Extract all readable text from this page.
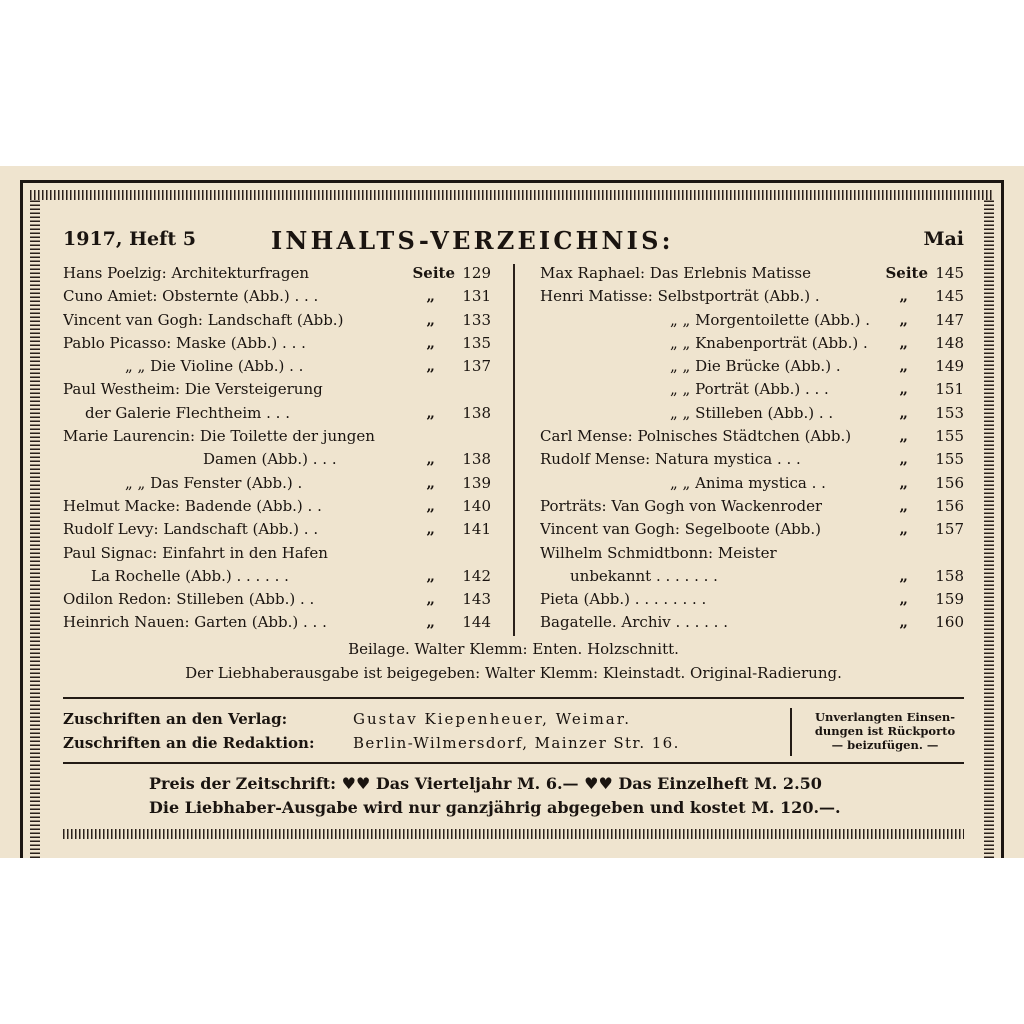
1917, Heft 5	INHALTS-VERZEICHNIS:	Mai
Hans Poelzig: Architekturfragen	Seite 129
Cuno Amiet: Obsternte (Abb.) . . .	„ 131
Vincent van Gogh: Landschaft (Abb.)	„ 133
Pablo Picasso: Maske (Abb.) . . .	„ 135
„ „ Die Violine (Abb.) . .	„ 137
Paul Westheim: Die Versteigerung
der Galerie Flechtheim . . .	„ 138
Marie Laurencin: Die Toilette der jungen
Damen (Abb.) . . .	„ 138
„ „ Das Fenster (Abb.) .	„ 139
Helmut Macke: Badende (Abb.) . .	„ 140
Rudolf Levy: Landschaft (Abb.) . .	„ 141
Paul Signac: Einfahrt in den Hafen
La Rochelle (Abb.) . . . . . .	„ 142
Odilon Redon: Stilleben (Abb.) . .	„ 143
Heinrich Nauen: Garten (Abb.) . . .	„ 144
Max Raphael: Das Erlebnis Matisse	Seite 145
Henri Matisse: Selbstporträt (Abb.) .	„ 145
„ „ Morgentoilette (Abb.) . „ 147
„ „ Knabenporträt (Abb.) . „ 148
„ „ Die Brücke (Abb.) .	„ 149
„ „ Porträt (Abb.) . . .	„ 151
„ „ Stilleben (Abb.) . .	„ 153
Carl Mense: Polnisches Städtchen (Abb.)	„ 155
Rudolf Mense: Natura mystica . . .	„ 155
„ „ Anima mystica . .	„ 156
Porträts: Van Gogh von Wackenroder	„ 156
Vincent van Gogh: Segelboote (Abb.)	„ 157
Wilhelm Schmidtbonn: Meister
unbekannt . . . . . . .	„ 158
Pieta (Abb.) . . . . . . . .	„ 159
Bagatelle. Archiv . . . . . .	„ 160
Beilage. Walter Klemm: Enten. Holzschnitt.
Der Liebhaberausgabe ist beigegeben: Walter Klemm: Kleinstadt. Original-Radierung.
Zuschriften an den Verlag:	Gustav Kiepenheuer, Weimar.
Zuschriften an die Redaktion:	Berlin-Wilmersdorf, Mainzer Str. 16.
Unverlangten Einsen-
dungen ist Rückporto
— beizufügen. —
Preis der Zeitschrift: ♥♥ Das Vierteljahr M. 6.— ♥♥ Das Einzelheft M. 2.50
Die Liebhaber-Ausgabe wird nur ganzjährig abgegeben und kostet M. 120.—.
